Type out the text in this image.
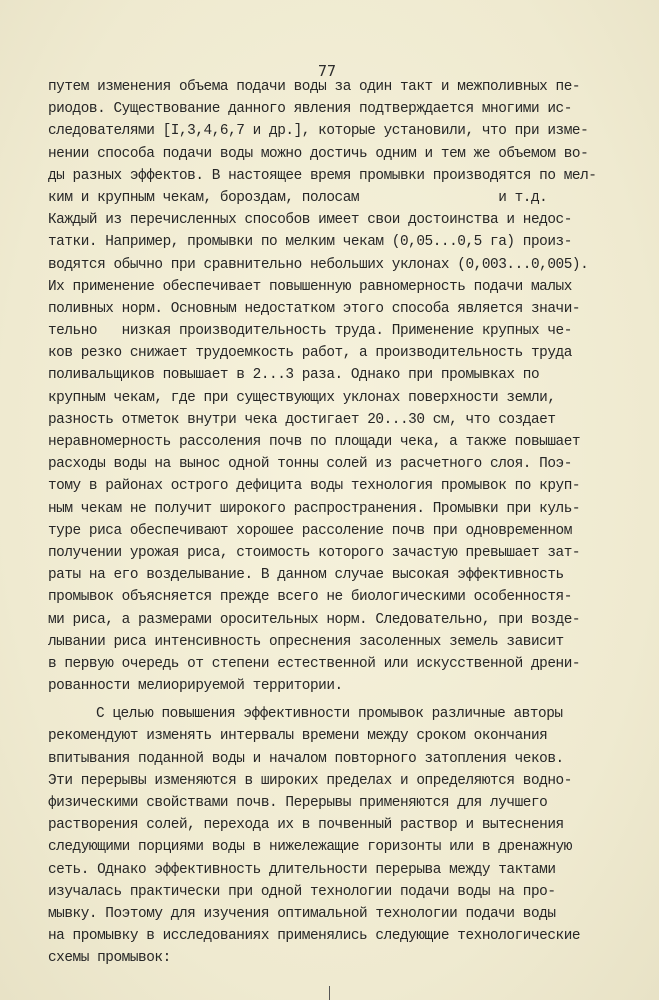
77
путем изменения объема подачи воды за один такт и межполивных пе-
риодов. Существование данного явления подтверждается многими ис-
следователями [I,3,4,6,7 и др.], которые установили, что при изме-
нении способа подачи воды можно достичь одним и тем же объемом во-
ды разных эффектов. В настоящее время промывки производятся по мел-
ким и крупным чекам, бороздам, полосам                 и т.д.
Каждый из перечисленных способов имеет свои достоинства и недос-
татки. Например, промывки по мелким чекам (0,05...0,5 га) произ-
водятся обычно при сравнительно небольших уклонах (0,003...0,005).
Их применение обеспечивает повышенную равномерность подачи малых
поливных норм. Основным недостатком этого способа является значи-
тельно   низкая производительность труда. Применение крупных че-
ков резко снижает трудоемкость работ, а производительность труда
поливальщиков повышает в 2...3 раза. Однако при промывках по
крупным чекам, где при существующих уклонах поверхности земли,
разность отметок внутри чека достигает 20...30 см, что создает
неравномерность рассоления почв по площади чека, а также повышает
расходы воды на вынос одной тонны солей из расчетного слоя. Поэ-
тому в районах острого дефицита воды технология промывок по круп-
ным чекам не получит широкого распространения. Промывки при куль-
туре риса обеспечивают хорошее рассоление почв при одновременном
получении урожая риса, стоимость которого зачастую превышает зат-
раты на его возделывание. В данном случае высокая эффективность
промывок объясняется прежде всего не биологическими особенностя-
ми риса, а размерами оросительных норм. Следовательно, при возде-
лывании риса интенсивность опреснения засоленных земель зависит
в первую очередь от степени естественной или искусственной дрени-
рованности мелиорируемой территории.
С целью повышения эффективности промывок различные авторы
рекомендуют изменять интервалы времени между сроком окончания
впитывания поданной воды и началом повторного затопления чеков.
Эти перерывы изменяются в широких пределах и определяются водно-
физическими свойствами почв. Перерывы применяются для лучшего
растворения солей, перехода их в почвенный раствор и вытеснения
следующими порциями воды в нижележащие горизонты или в дренажную
сеть. Однако эффективность длительности перерыва между тактами
изучалась практически при одной технологии подачи воды на про-
мывку. Поэтому для изучения оптимальной технологии подачи воды
на промывку в исследованиях применялись следующие технологические
схемы промывок:
